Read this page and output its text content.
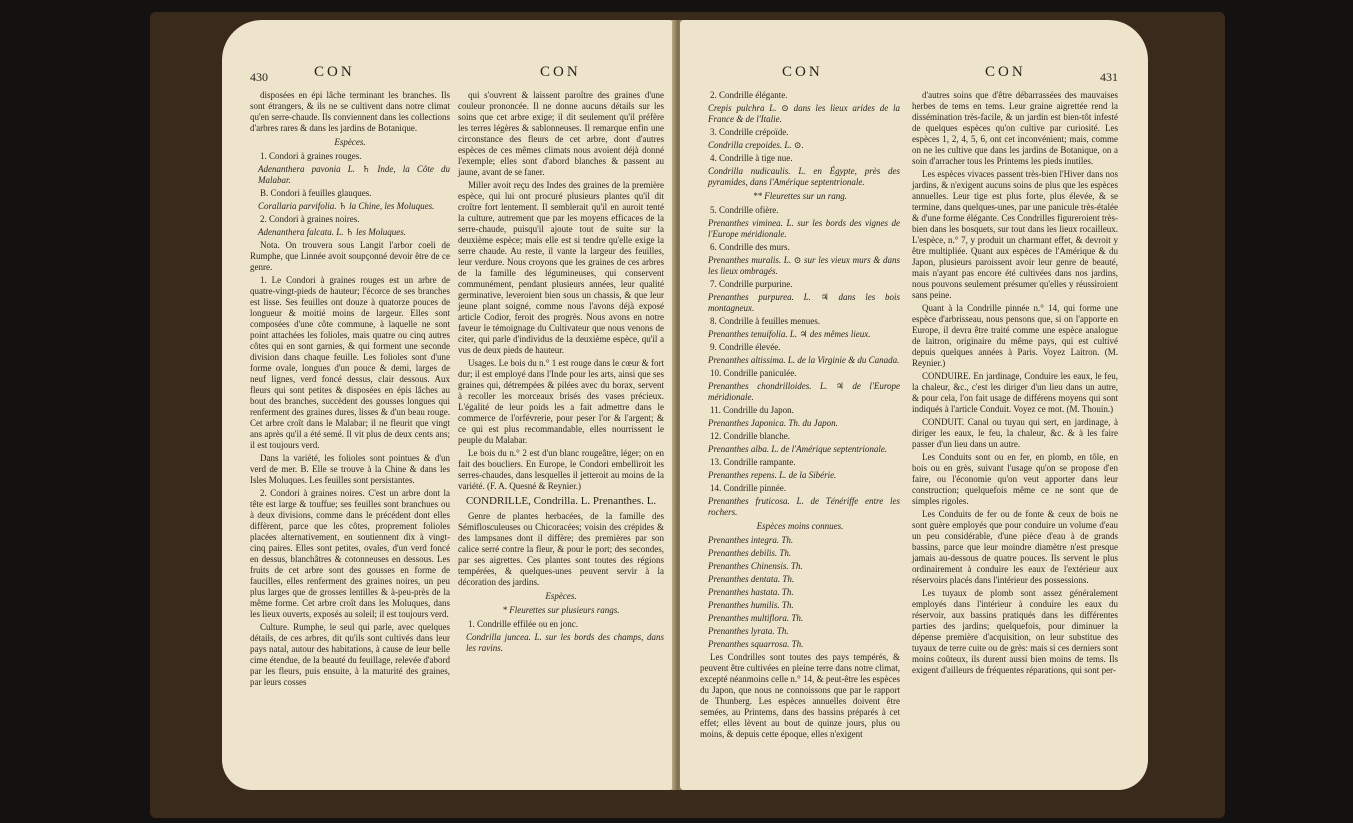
430	CON	CON

disposées en épi lâche terminant les branches. Ils sont étrangers, & ils ne se cultivent dans notre climat qu'en serre-chaude. Ils conviennent dans les collections d'arbres rares & dans les jardins de Botanique.

Espèces.

1. Condori à graines rouges.

Adenanthera pavonia L. ♄ Inde, la Côte du Malabar.

B. Condori à feuilles glauques.

Corallaria parvifolia. ♄ la Chine, les Moluques.

2. Condori à graines noires.

Adenanthera falcata. L. ♄ les Moluques.

Nota. On trouvera sous Langit l'arbor coeli de Rumphe, que Linnée avoit soupçonné devoir être de ce genre.

1. Le Condori à graines rouges est un arbre de quatre-vingt-pieds de hauteur; l'écorce de ses branches est lisse. Ses feuilles ont douze à quatorze pouces de longueur & moitié moins de largeur. Elles sont composées d'une côte commune, à laquelle ne sont point attachées les folioles, mais quatre ou cinq autres côtes qui en sont garnies, & qui forment une seconde division dans chaque feuille. Les folioles sont d'une forme ovale, longues d'un pouce & demi, larges de neuf lignes, verd foncé dessus, clair dessous. Aux fleurs qui sont petites & disposées en épis lâches au bout des branches, succèdent des gousses longues qui renferment des graines dures, lisses & d'un beau rouge. Cet arbre croît dans le Malabar; il ne fleurit que vingt ans après qu'il a été semé. Il vit plus de deux cents ans; il est toujours verd.

Dans la variété, les folioles sont pointues & d'un verd de mer. B. Elle se trouve à la Chine & dans les Isles Moluques. Les feuilles sont persistantes.

2. Condori à graines noires. C'est un arbre dont la tête est large & touffue; ses feuilles sont branchues ou à deux divisions, comme dans le précédent dont elles diffèrent, parce que les côtes, proprement folioles placées alternativement, en soutiennent dix à vingt-cinq paires. Elles sont petites, ovales, d'un verd foncé en dessus, blanchâtres & cotonneuses en dessous. Les fruits de cet arbre sont des gousses en forme de faucilles, elles renferment des graines noires, un peu plus larges que de grosses lentilles & à-peu-près de la même forme. Cet arbre croît dans les Moluques, dans les lieux ouverts, exposés au soleil; il est toujours verd.

Culture. Rumphe, le seul qui parle, avec quelques détails, de ces arbres, dit qu'ils sont cultivés dans leur pays natal, autour des habitations, à cause de leur belle cime étendue, de la beauté du feuillage, relevée d'abord par les fleurs, puis ensuite, à la maturité des graines, par leurs cosses

qui s'ouvrent & laissent paroître des graines d'une couleur prononcée. Il ne donne aucuns détails sur les soins que cet arbre exige; il dit seulement qu'il préfère les terres légères & sablonneuses. Il remarque enfin une circonstance des fleurs de cet arbre, dont d'autres espèces de ces mêmes climats nous avoient déjà donné l'exemple; elles sont d'abord blanches & passent au jaune, avant de se faner.

Miller avoit reçu des Indes des graines de la première espèce, qui lui ont procuré plusieurs plantes qu'il dit croître fort lentement. Il semblerait qu'il en auroit tenté la culture, autrement que par les moyens efficaces de la serre-chaude, puisqu'il ajoute tout de suite sur la deuxième espèce; mais elle est si tendre qu'elle exige la serre chaude. Au reste, il vante la largeur des feuilles, leur verdure. Nous croyons que les graines de ces arbres de la famille des légumineuses, qui conservent communément, pendant plusieurs années, leur qualité germinative, leveroient bien sous un chassis, & que leur jeune plant soigné, comme nous l'avons déjà exposé article Codior, feroit des progrès. Nous avons en notre faveur le témoignage du Cultivateur que nous venons de citer, qui parle d'individus de la deuxième espèce, qu'il a vus de deux pieds de hauteur.

Usages. Le bois du n.° 1 est rouge dans le cœur & fort dur; il est employé dans l'Inde pour les arts, ainsi que ses graines qui, détrempées & pilées avec du borax, servent à recoller les morceaux brisés des vases précieux. L'égalité de leur poids les a fait admettre dans le commerce de l'orfévrerie, pour peser l'or & l'argent; & ce qui est plus recommandable, elles nourrissent le peuple du Malabar.

Le bois du n.° 2 est d'un blanc rougeâtre, léger; on en fait des boucliers. En Europe, le Condori embelliroit les serres-chaudes, dans lesquelles il jetteroit au moins de la variété. (F. A. Quesné & Reynier.)

CONDRILLE, Condrilla. L. Prenanthes. L.

Genre de plantes herbacées, de la famille des Sémiflosculeuses ou Chicoracées; voisin des crépides & des lampsanes dont il diffère; des premières par son calice serré contre la fleur, & pour le port; des secondes, par ses aigrettes. Ces plantes sont toutes des régions tempérées, & quelques-unes peuvent servir à la décoration des jardins.

Espèces.

* Fleurettes sur plusieurs rangs.

1. Condrille effilée ou en jonc.

Condrilla juncea. L. sur les bords des champs, dans les ravins.

CON	CON	431

2. Condrille élégante.

Crepis pulchra L. ⊙ dans les lieux arides de la France & de l'Italie.

3. Condrille crépoïde.

Condrilla crepoides. L. ⊙.

4. Condrille à tige nue.

Condrilla nudicaulis. L. en Égypte, près des pyramides, dans l'Amérique septentrionale.

** Fleurettes sur un rang.

5. Condrille ofière.

Prenanthes viminea. L. sur les bords des vignes de l'Europe méridionale.

6. Condrille des murs.

Prenanthes muralis. L. ⊙ sur les vieux murs & dans les lieux ombragés.

7. Condrille purpurine.

Prenanthes purpurea. L. ♃ dans les bois montagneux.

8. Condrille à feuilles menues.

Prenanthes tenuifolia. L. ♃ des mêmes lieux.

9. Condrille élevée.

Prenanthes altissima. L. de la Virginie & du Canada.

10. Condrille paniculée.

Prenanthes chondrilloides. L. ♃ de l'Europe méridionale.

11. Condrille du Japon.

Prenanthes Japonica. Th. du Japon.

12. Condrille blanche.

Prenanthes alba. L. de l'Amérique septentrionale.

13. Condrille rampante.

Prenanthes repens. L. de la Sibérie.

14. Condrille pinnée.

Prenanthes fruticosa. L. de Ténériffe entre les rochers.

Espèces moins connues.

Prenanthes integra. Th.

Prenanthes debilis. Th.

Prenanthes Chinensis. Th.

Prenanthes dentata. Th.

Prenanthes hastata. Th.

Prenanthes humilis. Th.

Prenanthes multiflora. Th.

Prenanthes lyrata. Th.

Prenanthes squarrosa. Th.

Les Condrilles sont toutes des pays tempérés, & peuvent être cultivées en pleine terre dans notre climat, excepté néanmoins celle n.° 14, & peut-être les espèces du Japon, que nous ne connoissons que par le rapport de Thunberg. Les espèces annuelles doivent être semées, au Printems, dans des bassins préparés à cet effet; elles lèvent au bout de quinze jours, plus ou moins, & depuis cette époque, elles n'exigent

d'autres soins que d'être débarrassées des mauvaises herbes de tems en tems. Leur graine aigrettée rend la dissémination très-facile, & un jardin est bien-tôt infesté de quelques espèces qu'on cultive par curiosité. Les espèces 1, 2, 4, 5, 6, ont cet inconvénient; mais, comme on ne les cultive que dans les jardins de Botanique, on a soin d'arracher tous les Printems les pieds inutiles.

Les espèces vivaces passent très-bien l'Hiver dans nos jardins, & n'exigent aucuns soins de plus que les espèces annuelles. Leur tige est plus forte, plus élevée, & se termine, dans quelques-unes, par une panicule très-étalée & d'une forme élégante. Ces Condrilles figureroient très-bien dans les bosquets, sur tout dans les lieux rocailleux. L'espèce, n.° 7, y produit un charmant effet, & devroit y être multipliée. Quant aux espèces de l'Amérique & du Japon, plusieurs paroissent avoir leur genre de beauté, mais n'ayant pas encore été cultivées dans nos jardins, nous pouvons seulement présumer qu'elles y réussiroient sans peine.

Quant à la Condrille pinnée n.° 14, qui forme une espèce d'arbrisseau, nous pensons que, si on l'apporte en Europe, il devra être traité comme une espèce analogue de laitron, originaire du même pays, qui est cultivé depuis quelques années à Paris. Voyez Laitron. (M. Reynier.)

CONDUIRE. En jardinage, Conduire les eaux, le feu, la chaleur, &c., c'est les diriger d'un lieu dans un autre, & pour cela, l'on fait usage de différens moyens qui sont indiqués à l'article Conduit. Voyez ce mot. (M. Thouin.)

CONDUIT. Canal ou tuyau qui sert, en jardinage, à diriger les eaux, le feu, la chaleur, &c. & à les faire passer d'un lieu dans un autre.

Les Conduits sont ou en fer, en plomb, en tôle, en bois ou en grès, suivant l'usage qu'on se propose d'en faire, ou l'économie qu'on veut apporter dans leur construction; quelquefois même ce ne sont que de simples rigoles.

Les Conduits de fer ou de fonte & ceux de bois ne sont guère employés que pour conduire un volume d'eau un peu considérable, d'une pièce d'eau à de grands bassins, parce que leur moindre diamètre n'est presque jamais au-dessous de quatre pouces. Ils servent le plus ordinairement à conduire les eaux de l'extérieur aux réservoirs placés dans l'intérieur des possessions.

Les tuyaux de plomb sont assez généralement employés dans l'intérieur à conduire les eaux du réservoir, aux bassins pratiqués dans les différentes parties des jardins; quelquefois, pour diminuer la dépense première d'acquisition, on leur substitue des tuyaux de terre cuite ou de grès: mais si ces derniers sont moins coûteux, ils durent aussi bien moins de tems. Ils exigent d'ailleurs de fréquentes réparations, qui sont per-
